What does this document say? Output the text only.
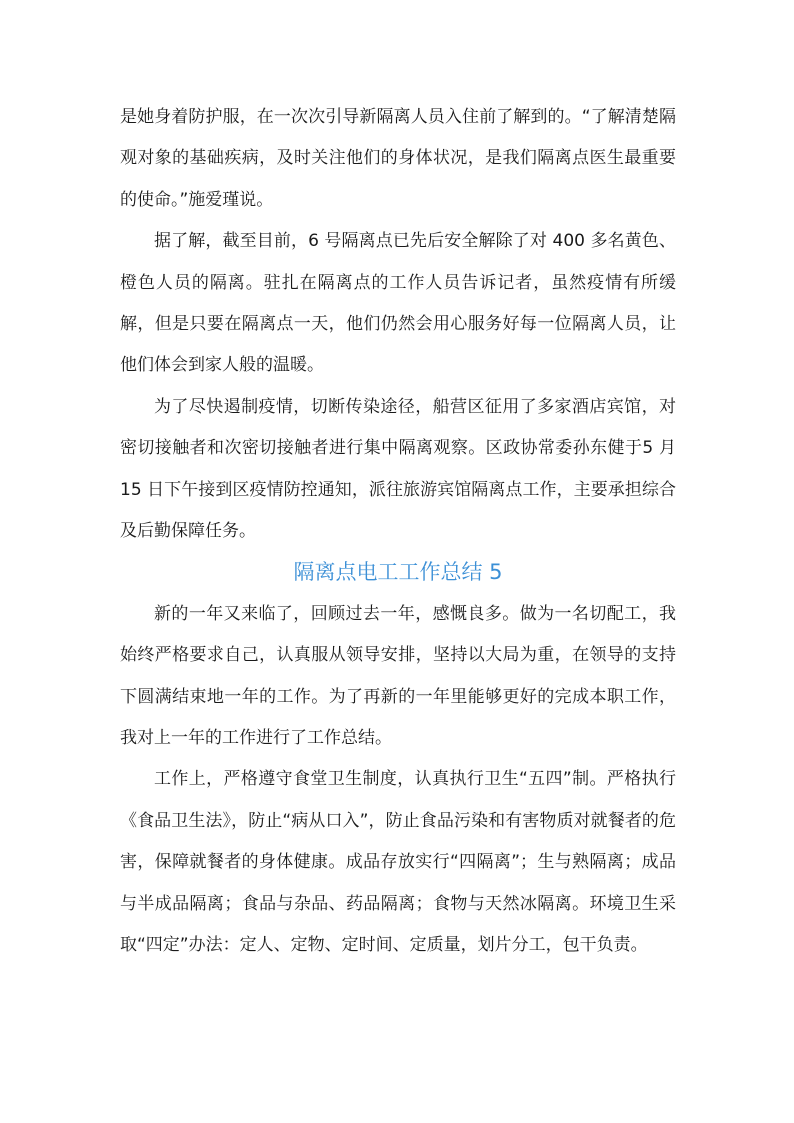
是她身着防护服，在一次次引导新隔离人员入住前了解到的。“了解清楚隔观对象的基础疾病，及时关注他们的身体状况，是我们隔离点医生最重要的使命。”施爱瑾说。

据了解，截至目前，6 号隔离点已先后安全解除了对 400 多名黄色、橙色人员的隔离。驻扎在隔离点的工作人员告诉记者，虽然疫情有所缓解，但是只要在隔离点一天，他们仍然会用心服务好每一位隔离人员，让他们体会到家人般的温暖。

为了尽快遏制疫情，切断传染途径，船营区征用了多家酒店宾馆，对密切接触者和次密切接触者进行集中隔离观察。区政协常委孙东健于5 月 15 日下午接到区疫情防控通知，派往旅游宾馆隔离点工作，主要承担综合及后勤保障任务。

隔离点电工工作总结 5

新的一年又来临了，回顾过去一年，感慨良多。做为一名切配工，我始终严格要求自己，认真服从领导安排，坚持以大局为重，在领导的支持下圆满结束地一年的工作。为了再新的一年里能够更好的完成本职工作，我对上一年的工作进行了工作总结。

工作上，严格遵守食堂卫生制度，认真执行卫生“五四”制。严格执行《食品卫生法》，防止“病从口入”，防止食品污染和有害物质对就餐者的危害，保障就餐者的身体健康。成品存放实行“四隔离”；生与熟隔离；成品与半成品隔离；食品与杂品、药品隔离；食物与天然冰隔离。环境卫生采取“四定”办法：定人、定物、定时间、定质量，划片分工，包干负责。
